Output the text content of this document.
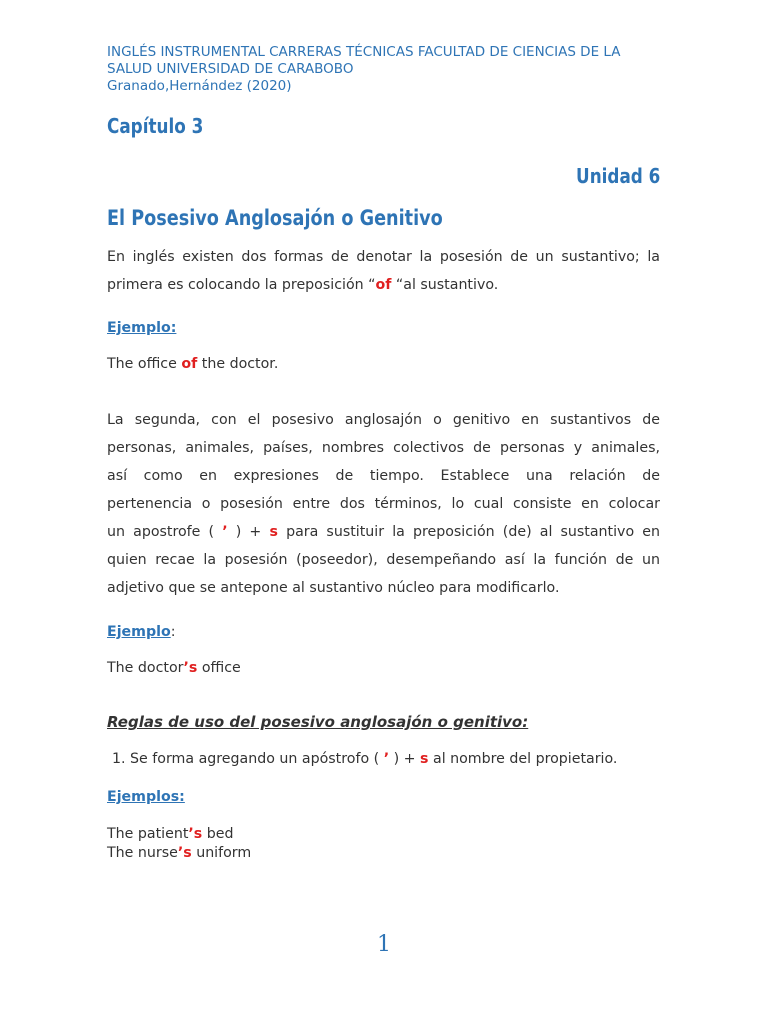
INGLÉS INSTRUMENTAL CARRERAS TÉCNICAS FACULTAD DE CIENCIAS DE LA
SALUD UNIVERSIDAD DE CARABOBO
Granado,Hernández (2020)
Capítulo 3
Unidad 6
El Posesivo Anglosajón o Genitivo
En inglés existen dos formas de denotar la posesión de un sustantivo; la
primera es colocando la preposición “of “al sustantivo.
Ejemplo:
The office of the doctor.
La segunda, con el posesivo anglosajón o genitivo en sustantivos de
personas, animales, países, nombres colectivos de personas y animales,
así como en expresiones de tiempo. Establece una relación de
pertenencia o posesión entre dos términos, lo cual consiste en colocar
un apostrofe ( ’ ) + s para sustituir la preposición (de) al sustantivo en
quien recae la posesión (poseedor), desempeñando así la función de un
adjetivo que se antepone al sustantivo núcleo para modificarlo.
Ejemplo:
The doctor’s office
Reglas de uso del posesivo anglosajón o genitivo:
1. Se forma agregando un apóstrofo ( ’ ) + s al nombre del propietario.
Ejemplos:
The patient’s bed
The nurse’s uniform
1
